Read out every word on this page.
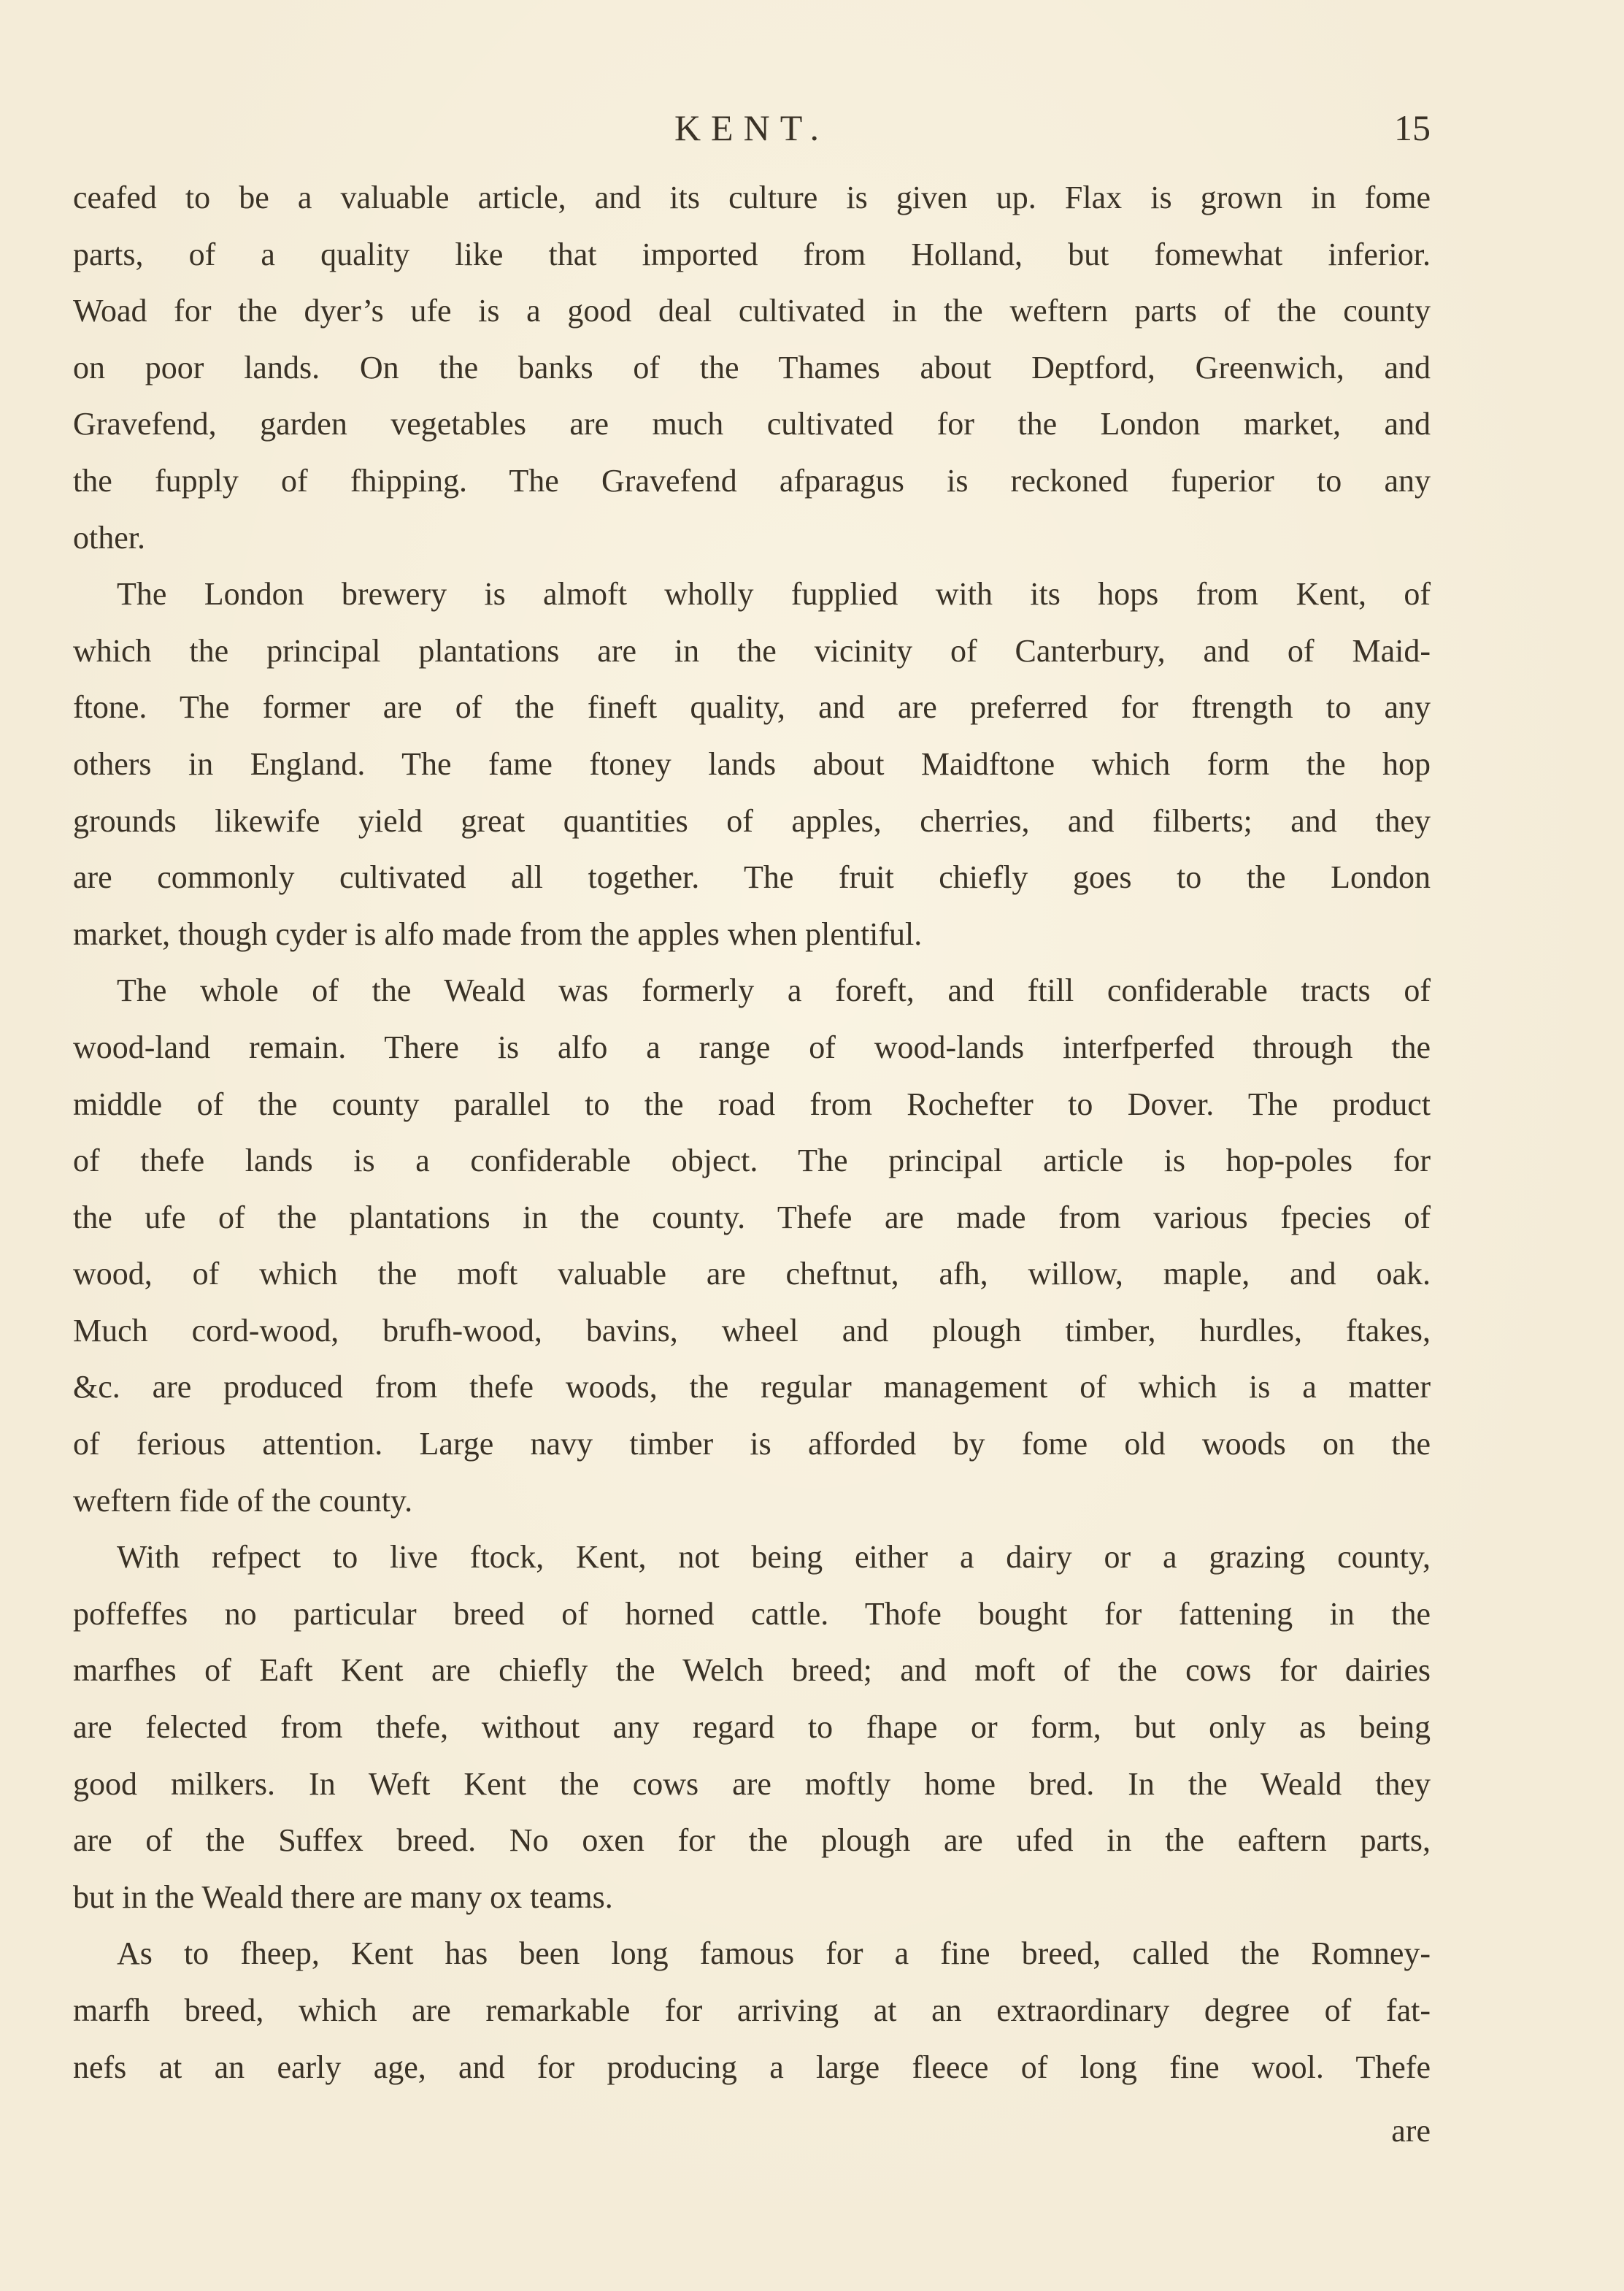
KENT.	15
ceafed to be a valuable article, and its culture is given up. Flax is grown in fome
parts, of a quality like that imported from Holland, but fomewhat inferior.
Woad for the dyer’s ufe is a good deal cultivated in the weftern parts of the county
on poor lands. On the banks of the Thames about Deptford, Greenwich, and
Gravefend, garden vegetables are much cultivated for the London market, and
the fupply of fhipping. The Gravefend afparagus is reckoned fuperior to any
other.
The London brewery is almoft wholly fupplied with its hops from Kent, of
which the principal plantations are in the vicinity of Canterbury, and of Maid-
ftone. The former are of the fineft quality, and are preferred for ftrength to any
others in England. The fame ftoney lands about Maidftone which form the hop
grounds likewife yield great quantities of apples, cherries, and filberts; and they
are commonly cultivated all together. The fruit chiefly goes to the London
market, though cyder is alfo made from the apples when plentiful.
The whole of the Weald was formerly a foreft, and ftill confiderable tracts of
wood-land remain. There is alfo a range of wood-lands interfperfed through the
middle of the county parallel to the road from Rochefter to Dover. The product
of thefe lands is a confiderable object. The principal article is hop-poles for
the ufe of the plantations in the county. Thefe are made from various fpecies of
wood, of which the moft valuable are cheftnut, afh, willow, maple, and oak.
Much cord-wood, brufh-wood, bavins, wheel and plough timber, hurdles, ftakes,
&c. are produced from thefe woods, the regular management of which is a matter
of ferious attention. Large navy timber is afforded by fome old woods on the
weftern fide of the county.
With refpect to live ftock, Kent, not being either a dairy or a grazing county,
poffeffes no particular breed of horned cattle. Thofe bought for fattening in the
marfhes of Eaft Kent are chiefly the Welch breed; and moft of the cows for dairies
are felected from thefe, without any regard to fhape or form, but only as being
good milkers. In Weft Kent the cows are moftly home bred. In the Weald they
are of the Suffex breed. No oxen for the plough are ufed in the eaftern parts,
but in the Weald there are many ox teams.
As to fheep, Kent has been long famous for a fine breed, called the Romney-
marfh breed, which are remarkable for arriving at an extraordinary degree of fat-
nefs at an early age, and for producing a large fleece of long fine wool. Thefe
are
